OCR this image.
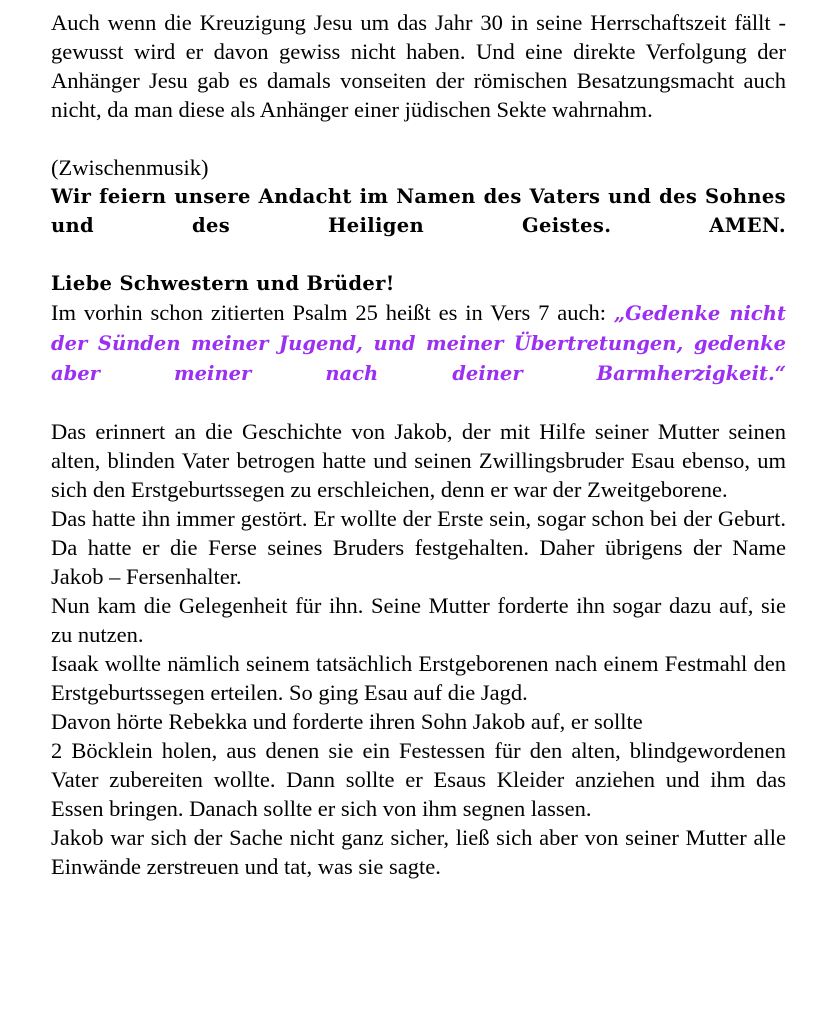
Auch wenn die Kreuzigung Jesu um das Jahr 30 in seine Herrschaftszeit fällt - gewusst wird er davon gewiss nicht haben. Und eine direkte Verfolgung der Anhänger Jesu gab es damals vonseiten der römischen Besatzungsmacht auch nicht, da man diese als Anhänger einer jüdischen Sekte wahrnahm.

(Zwischenmusik)

Wir feiern unsere Andacht im Namen des Vaters und des Sohnes und des Heiligen Geistes. AMEN.

Liebe Schwestern und Brüder!

Im vorhin schon zitierten Psalm 25 heißt es in Vers 7 auch: „Gedenke nicht der Sünden meiner Jugend, und meiner Übertretungen, gedenke aber meiner nach deiner Barmherzigkeit.“

Das erinnert an die Geschichte von Jakob, der mit Hilfe seiner Mutter seinen alten, blinden Vater betrogen hatte und seinen Zwillingsbruder Esau ebenso, um sich den Erstgeburtssegen zu erschleichen, denn er war der Zweitgeborene.

Das hatte ihn immer gestört. Er wollte der Erste sein, sogar schon bei der Geburt. Da hatte er die Ferse seines Bruders festgehalten. Daher übrigens der Name Jakob – Fersenhalter.

Nun kam die Gelegenheit für ihn. Seine Mutter forderte ihn sogar dazu auf, sie zu nutzen.

Isaak wollte nämlich seinem tatsächlich Erstgeborenen nach einem Festmahl den Erstgeburtssegen erteilen. So ging Esau auf die Jagd.

Davon hörte Rebekka und forderte ihren Sohn Jakob auf, er sollte

2 Böcklein holen, aus denen sie ein Festessen für den alten, blindgewordenen Vater zubereiten wollte. Dann sollte er Esaus Kleider anziehen und ihm das Essen bringen. Danach sollte er sich von ihm segnen lassen.

Jakob war sich der Sache nicht ganz sicher, ließ sich aber von seiner Mutter alle Einwände zerstreuen und tat, was sie sagte.
